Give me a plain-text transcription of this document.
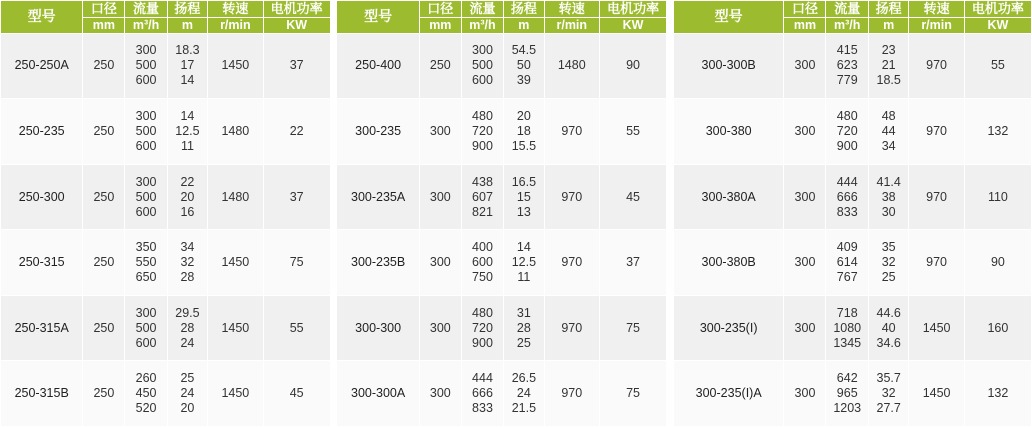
型号	口径	流量	扬程	转速	电机功率
	mm	m³/h	m	r/min	KW
250-250A	250	300
500
600	18.3
17
14	1450	37
250-235	250	300
500
600	14
12.5
11	1480	22
250-300	250	300
500
600	22
20
16	1480	37
250-315	250	350
550
650	34
32
28	1450	75
250-315A	250	300
500
600	29.5
28
24	1450	55
250-315B	250	260
450
520	25
24
20	1450	45
型号	口径	流量	扬程	转速	电机功率
	mm	m³/h	m	r/min	KW
250-400	250	300
500
600	54.5
50
39	1480	90
300-235	300	480
720
900	20
18
15.5	970	55
300-235A	300	438
607
821	16.5
15
13	970	45
300-235B	300	400
600
750	14
12.5
11	970	37
300-300	300	480
720
900	31
28
25	970	75
300-300A	300	444
666
833	26.5
24
21.5	970	75
型号	口径	流量	扬程	转速	电机功率
	mm	m³/h	m	r/min	KW
300-300B	300	415
623
779	23
21
18.5	970	55
300-380	300	480
720
900	48
44
34	970	132
300-380A	300	444
666
833	41.4
38
30	970	110
300-380B	300	409
614
767	35
32
25	970	90
300-235(I)	300	718
1080
1345	44.6
40
34.6	1450	160
300-235(I)A	300	642
965
1203	35.7
32
27.7	1450	132
